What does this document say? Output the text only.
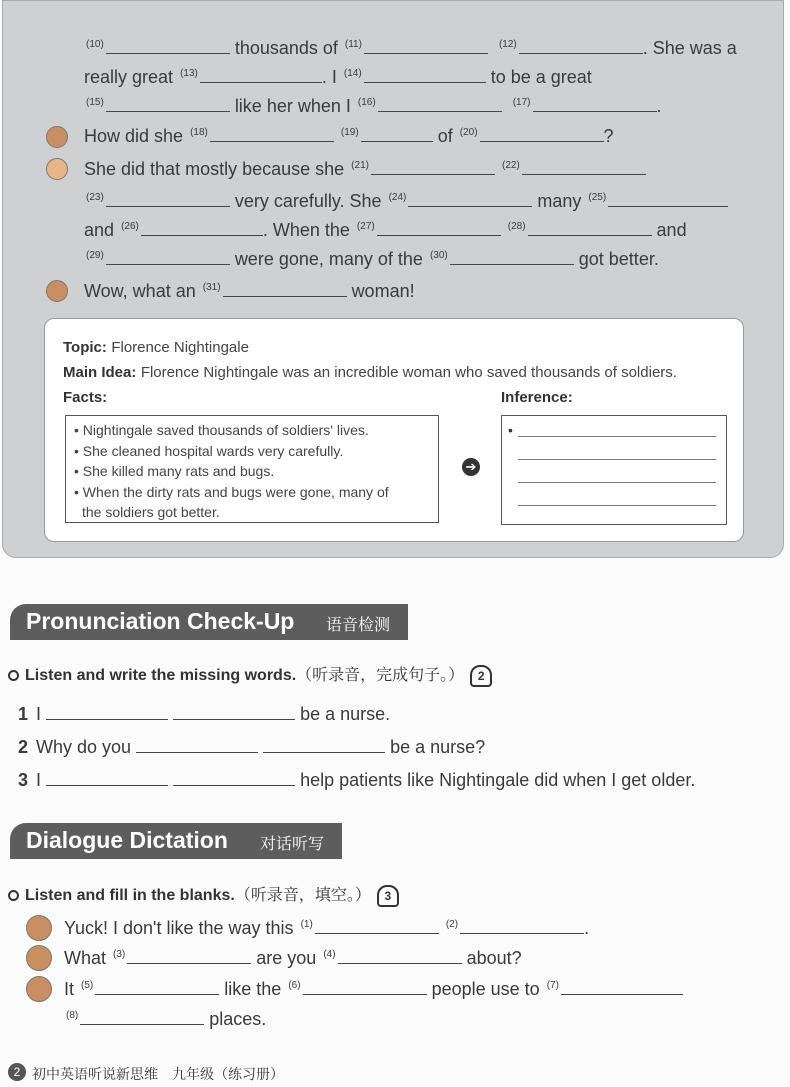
$^{(10)}$	thousands of $^{(11)}$	$^{(12)}$	. She was a
really great $^{(13)}$	. I $^{(14)}$	to be a great
$^{(15)}$	like her when I $^{(16)}$	$^{(17)}$	.
How did she $^{(18)}$	$^{(19)}$	of $^{(20)}$	?
She did that mostly because she $^{(21)}$	$^{(22)}$
$^{(23)}$	very carefully. She $^{(24)}$	many $^{(25)}$
and $^{(26)}$	. When the $^{(27)}$	$^{(28)}$	and
$^{(29)}$	were gone, many of the $^{(30)}$	got better.
Wow, what an $^{(31)}$	woman!
Topic: Florence Nightingale
Main Idea: Florence Nightingale was an incredible woman who saved thousands of soldiers.
Facts:	Inference:
• Nightingale saved thousands of soldiers' lives.
• She cleaned hospital wards very carefully.
• She killed many rats and bugs.
• When the dirty rats and bugs were gone, many of
the soldiers got better.
➔
•
Pronunciation Check-Up 语音检测
Listen and write the missing words.（听录音，完成句子。） 2
1 I	be a nurse.
2 Why do you	be a nurse?
3 I	help patients like Nightingale did when I get older.
Dialogue Dictation 对话听写
Listen and fill in the blanks.（听录音，填空。） 3
Yuck! I don't like the way this $^{(1)}$	$^{(2)}$	.
What $^{(3)}$	are you $^{(4)}$	about?
It $^{(5)}$	like the $^{(6)}$	people use to $^{(7)}$
$^{(8)}$	places.
2 初中英语听说新思维　九年级（练习册）
